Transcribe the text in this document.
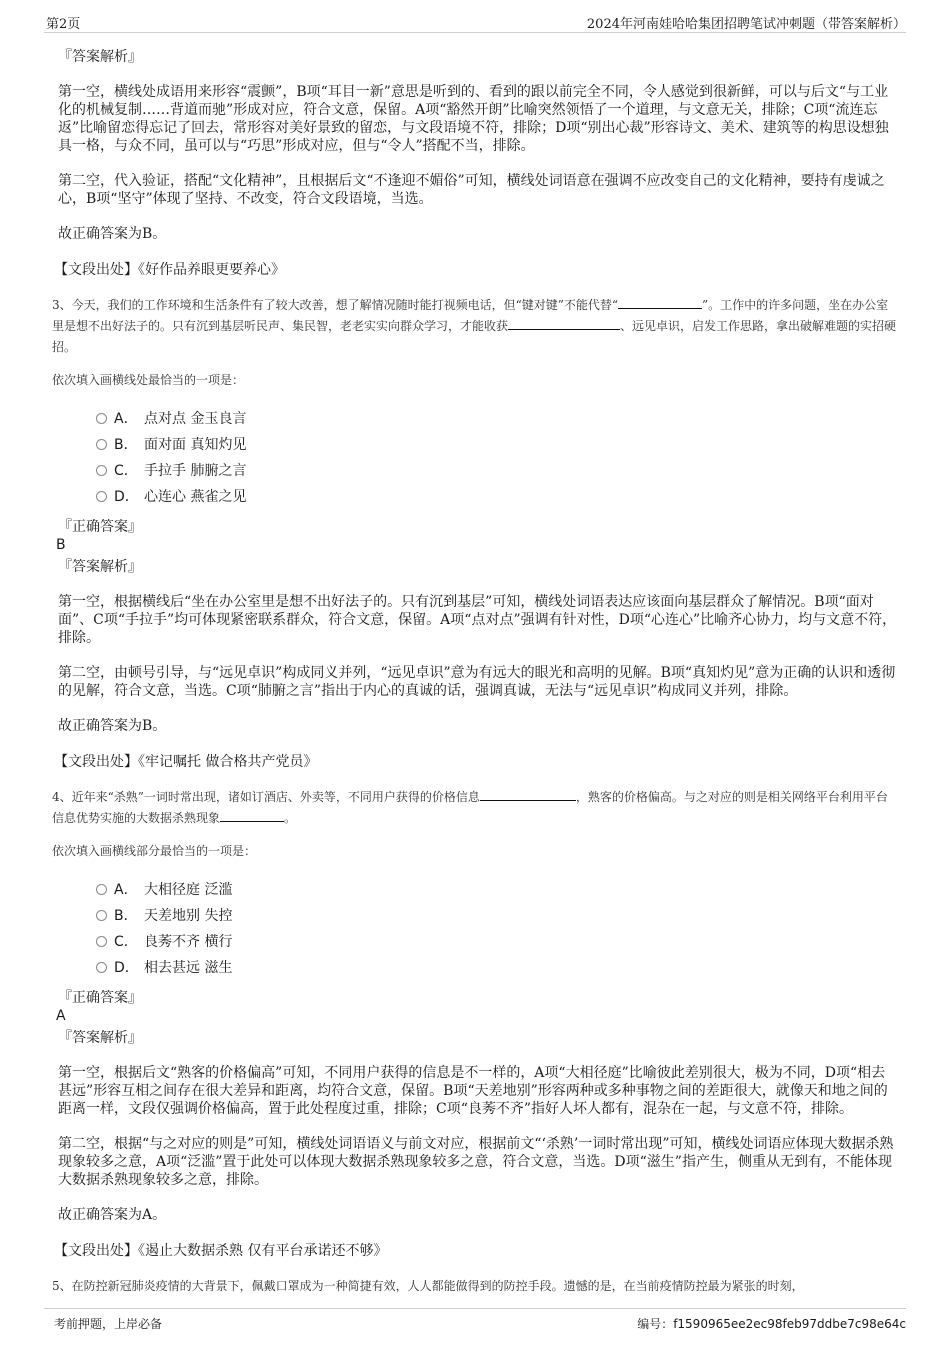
第2页	2024年河南娃哈哈集团招聘笔试冲刺题（带答案解析）
『答案解析』

第一空，横线处成语用来形容“震颤”，B项“耳目一新”意思是听到的、看到的跟以前完全不同，令人感觉到很新鲜，可以与后文“与工业化的机械复制……背道而驰”形成对应，符合文意，保留。A项“豁然开朗”比喻突然领悟了一个道理，与文意无关，排除；C项“流连忘返”比喻留恋得忘记了回去，常形容对美好景致的留恋，与文段语境不符，排除；D项“别出心裁”形容诗文、美术、建筑等的构思设想独具一格，与众不同，虽可以与“巧思”形成对应，但与“令人”搭配不当，排除。

第二空，代入验证，搭配“文化精神”，且根据后文“不逢迎不媚俗”可知，横线处词语意在强调不应改变自己的文化精神，要持有虔诚之心，B项“坚守”体现了坚持、不改变，符合文段语境，当选。

故正确答案为B。

【文段出处】《好作品养眼更要养心》

3、今天，我们的工作环境和生活条件有了较大改善，想了解情况随时能打视频电话，但“键对键”不能代替“	”。工作中的许多问题，坐在办公室里是想不出好法子的。只有沉到基层听民声、集民智，老老实实向群众学习，才能收获	、远见卓识，启发工作思路，拿出破解难题的实招硬招。

依次填入画横线处最恰当的一项是：

A． 点对点 金玉良言
B． 面对面 真知灼见
C． 手拉手 肺腑之言
D． 心连心 燕雀之见
『正确答案』
B
『答案解析』

第一空，根据横线后“坐在办公室里是想不出好法子的。只有沉到基层”可知，横线处词语表达应该面向基层群众了解情况。B项“面对面”、C项“手拉手”均可体现紧密联系群众，符合文意，保留。A项“点对点”强调有针对性，D项“心连心”比喻齐心协力，均与文意不符，排除。

第二空，由顿号引导，与“远见卓识”构成同义并列，“远见卓识”意为有远大的眼光和高明的见解。B项“真知灼见”意为正确的认识和透彻的见解，符合文意，当选。C项“肺腑之言”指出于内心的真诚的话，强调真诚，无法与“远见卓识”构成同义并列，排除。

故正确答案为B。

【文段出处】《牢记嘱托 做合格共产党员》

4、近年来“杀熟”一词时常出现，诸如订酒店、外卖等，不同用户获得的价格信息	，熟客的价格偏高。与之对应的则是相关网络平台利用平台信息优势实施的大数据杀熟现象	。

依次填入画横线部分最恰当的一项是：

A． 大相径庭 泛滥
B． 天差地别 失控
C． 良莠不齐 横行
D． 相去甚远 滋生
『正确答案』
A
『答案解析』

第一空，根据后文“熟客的价格偏高”可知，不同用户获得的信息是不一样的，A项“大相径庭”比喻彼此差别很大，极为不同，D项“相去甚远”形容互相之间存在很大差异和距离，均符合文意，保留。B项“天差地别”形容两种或多种事物之间的差距很大，就像天和地之间的距离一样，文段仅强调价格偏高，置于此处程度过重，排除；C项“良莠不齐”指好人坏人都有，混杂在一起，与文意不符，排除。

第二空，根据“与之对应的则是”可知，横线处词语语义与前文对应，根据前文“‘杀熟’一词时常出现”可知，横线处词语应体现大数据杀熟现象较多之意，A项“泛滥”置于此处可以体现大数据杀熟现象较多之意，符合文意，当选。D项“滋生”指产生，侧重从无到有，不能体现大数据杀熟现象较多之意，排除。

故正确答案为A。

【文段出处】《遏止大数据杀熟 仅有平台承诺还不够》

5、在防控新冠肺炎疫情的大背景下，佩戴口罩成为一种简捷有效，人人都能做得到的防控手段。遗憾的是，在当前疫情防控最为紧张的时刻，

考前押题，上岸必备	编号：f1590965ee2ec98feb97ddbe7c98e64c
